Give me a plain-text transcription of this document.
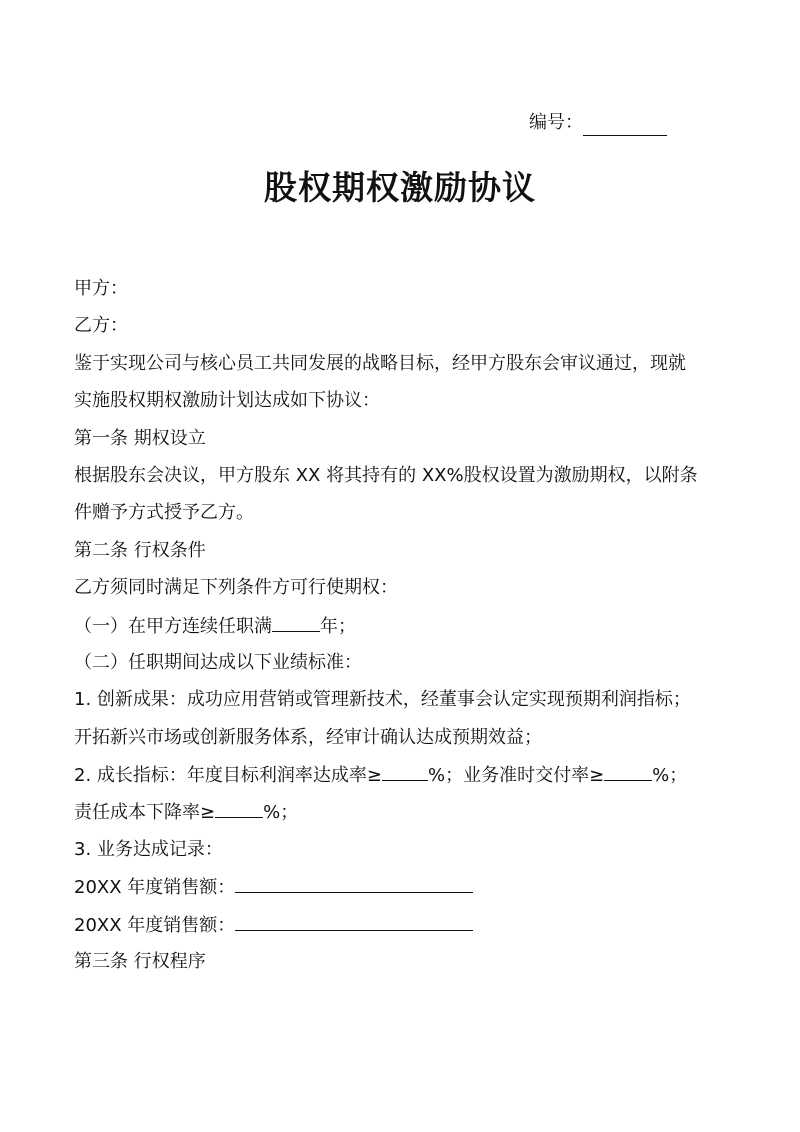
编号：
股权期权激励协议
甲方：
乙方：
鉴于实现公司与核心员工共同发展的战略目标，经甲方股东会审议通过，现就
实施股权期权激励计划达成如下协议：
第一条 期权设立
根据股东会决议，甲方股东 XX 将其持有的 XX%股权设置为激励期权，以附条
件赠予方式授予乙方。
第二条 行权条件
乙方须同时满足下列条件方可行使期权：
（一）在甲方连续任职满	年；
（二）任职期间达成以下业绩标准：
1. 创新成果：成功应用营销或管理新技术，经董事会认定实现预期利润指标；
开拓新兴市场或创新服务体系，经审计确认达成预期效益；
2. 成长指标：年度目标利润率达成率≥	%；业务准时交付率≥	%；
责任成本下降率≥	%；
3. 业务达成记录：
20XX 年度销售额：
20XX 年度销售额：
第三条 行权程序
